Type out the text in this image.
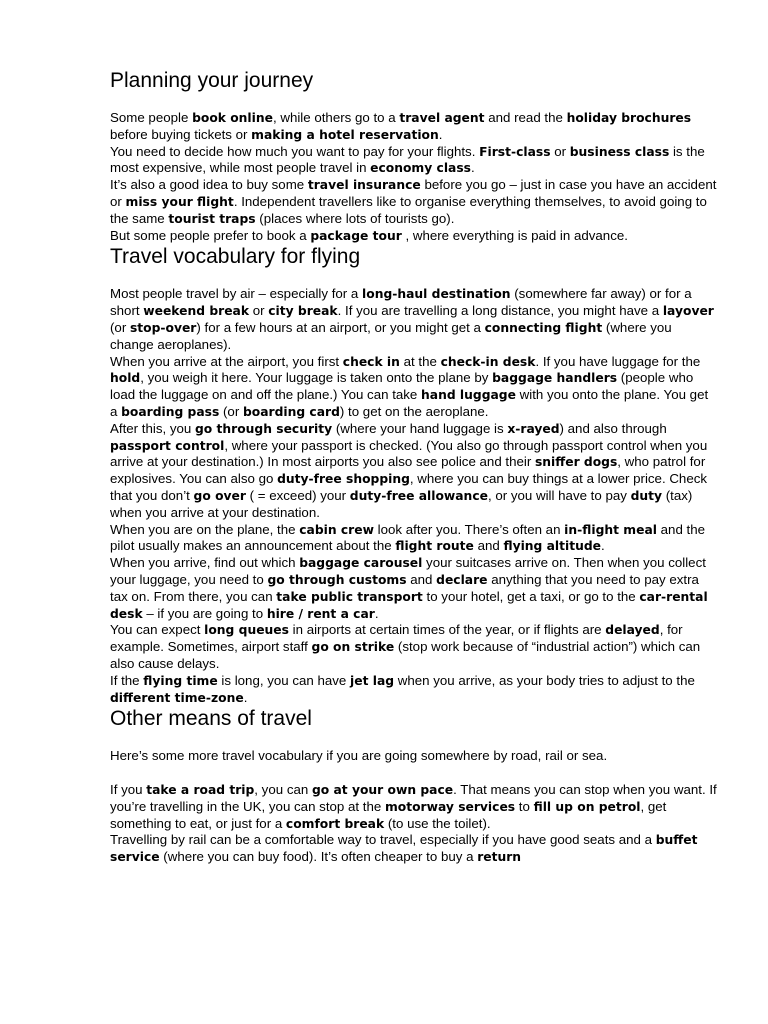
Planning your journey

Some people book online, while others go to a travel agent and read the holiday brochures before buying tickets or making a hotel reservation.

You need to decide how much you want to pay for your flights. First-class or business class is the most expensive, while most people travel in economy class.

It’s also a good idea to buy some travel insurance before you go – just in case you have an accident or miss your flight. Independent travellers like to organise everything themselves, to avoid going to the same tourist traps (places where lots of tourists go).

But some people prefer to book a package tour , where everything is paid in advance.

Travel vocabulary for flying

Most people travel by air – especially for a long-haul destination (somewhere far away) or for a short weekend break or city break. If you are travelling a long distance, you might have a layover (or stop-over) for a few hours at an airport, or you might get a connecting flight (where you change aeroplanes).

When you arrive at the airport, you first check in at the check-in desk. If you have luggage for the hold, you weigh it here. Your luggage is taken onto the plane by baggage handlers (people who load the luggage on and off the plane.) You can take hand luggage with you onto the plane. You get a boarding pass (or boarding card) to get on the aeroplane.

After this, you go through security (where your hand luggage is x-rayed) and also through passport control, where your passport is checked. (You also go through passport control when you arrive at your destination.) In most airports you also see police and their sniffer dogs, who patrol for explosives. You can also go duty-free shopping, where you can buy things at a lower price. Check that you don’t go over ( = exceed) your duty-free allowance, or you will have to pay duty (tax) when you arrive at your destination.

When you are on the plane, the cabin crew look after you. There’s often an in-flight meal and the pilot usually makes an announcement about the flight route and flying altitude.

When you arrive, find out which baggage carousel your suitcases arrive on. Then when you collect your luggage, you need to go through customs and declare anything that you need to pay extra tax on. From there, you can take public transport to your hotel, get a taxi, or go to the car-rental desk – if you are going to hire / rent a car.

You can expect long queues in airports at certain times of the year, or if flights are delayed, for example. Sometimes, airport staff go on strike (stop work because of “industrial action”) which can also cause delays.

If the flying time is long, you can have jet lag when you arrive, as your body tries to adjust to the different time-zone.

Other means of travel

Here’s some more travel vocabulary if you are going somewhere by road, rail or sea.

If you take a road trip, you can go at your own pace. That means you can stop when you want. If you’re travelling in the UK, you can stop at the motorway services to fill up on petrol, get something to eat, or just for a comfort break (to use the toilet).

Travelling by rail can be a comfortable way to travel, especially if you have good seats and a buffet service (where you can buy food). It’s often cheaper to buy a return
